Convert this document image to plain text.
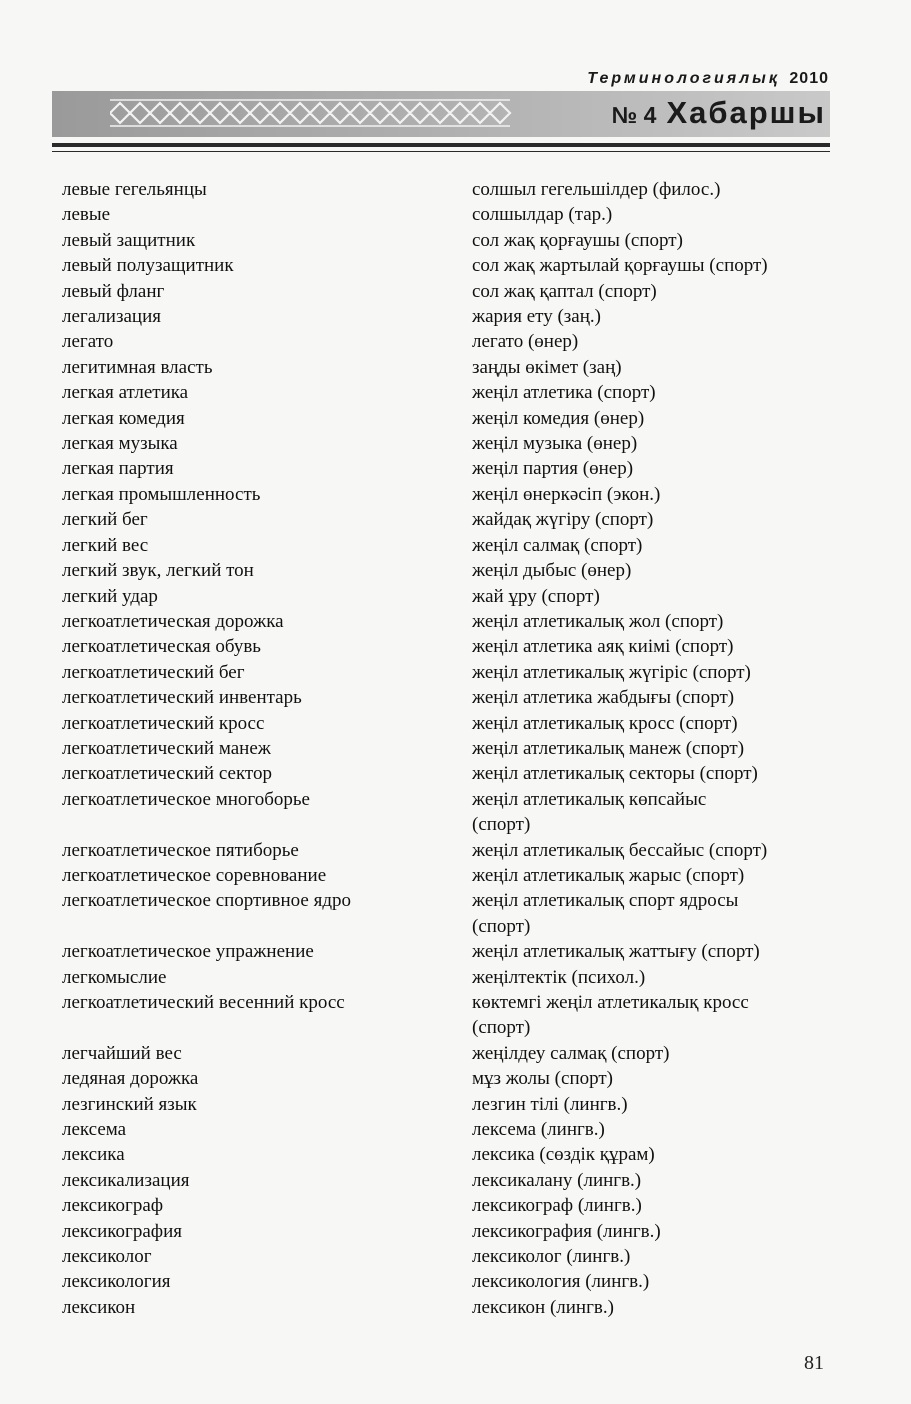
Терминологиялық 2010
№ 4 Хабаршы
левые гегельянцы
левые
левый защитник
левый полузащитник
левый фланг
легализация
легато
легитимная власть
легкая атлетика
легкая комедия
легкая музыка
легкая партия
легкая промышленность
легкий бег
легкий вес
легкий звук, легкий тон
легкий удар
легкоатлетическая дорожка
легкоатлетическая обувь
легкоатлетический бег
легкоатлетический инвентарь
легкоатлетический кросс
легкоатлетический манеж
легкоатлетический сектор
легкоатлетическое многоборье

легкоатлетическое пятиборье
легкоатлетическое соревнование
легкоатлетическое спортивное ядро

легкоатлетическое упражнение
легкомыслие
легкоатлетический весенний кросс

легчайший вес
ледяная дорожка
лезгинский язык
лексема
лексика
лексикализация
лексикограф
лексикография
лексиколог
лексикология
лексикон
солшыл гегельшілдер (филос.)
солшылдар (тар.)
сол жақ қорғаушы (спорт)
сол жақ жартылай қорғаушы (спорт)
сол жақ қаптал (спорт)
жария ету (заң.)
легато (өнер)
заңды өкімет (заң)
жеңіл атлетика (спорт)
жеңіл комедия (өнер)
жеңіл музыка (өнер)
жеңіл партия (өнер)
жеңіл өнеркәсіп (экон.)
жайдақ жүгіру (спорт)
жеңіл салмақ (спорт)
жеңіл дыбыс (өнер)
жай ұру (спорт)
жеңіл атлетикалық жол (спорт)
жеңіл атлетика аяқ киімі (спорт)
жеңіл атлетикалық жүгіріс (спорт)
жеңіл атлетика жабдығы (спорт)
жеңіл атлетикалық кросс (спорт)
жеңіл атлетикалық манеж (спорт)
жеңіл атлетикалық секторы (спорт)
жеңіл атлетикалық көпсайыс
(спорт)
жеңіл атлетикалық бессайыс (спорт)
жеңіл атлетикалық жарыс (спорт)
жеңіл атлетикалық спорт ядросы
(спорт)
жеңіл атлетикалық жаттығу (спорт)
жеңілтектік (психол.)
көктемгі жеңіл атлетикалық кросс
(спорт)
жеңілдеу салмақ (спорт)
мұз жолы (спорт)
лезгин тілі (лингв.)
лексема (лингв.)
лексика (сөздік құрам)
лексикалану (лингв.)
лексикограф (лингв.)
лексикография (лингв.)
лексиколог (лингв.)
лексикология (лингв.)
лексикон (лингв.)
81
